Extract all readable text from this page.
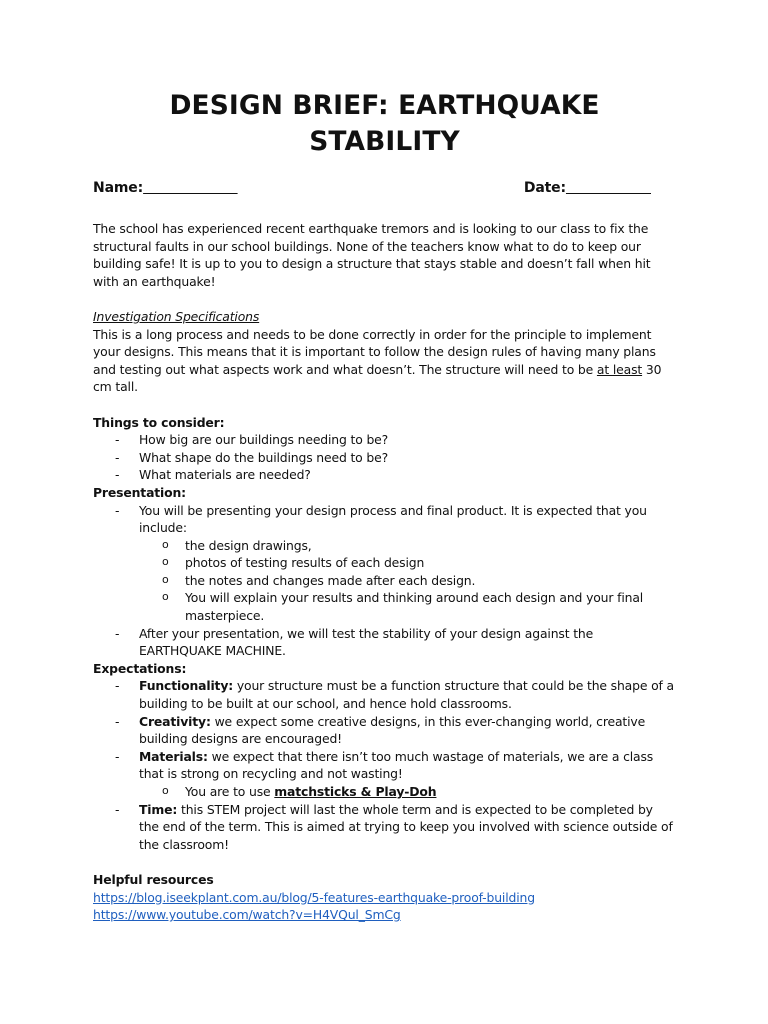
DESIGN BRIEF: EARTHQUAKE STABILITY
Name:	Date:

The school has experienced recent earthquake tremors and is looking to our class to fix the structural faults in our school buildings. None of the teachers know what to do to keep our building safe! It is up to you to design a structure that stays stable and doesn’t fall when hit with an earthquake!

Investigation Specifications

This is a long process and needs to be done correctly in order for the principle to implement your designs. This means that it is important to follow the design rules of having many plans and testing out what aspects work and what doesn’t. The structure will need to be at least 30 cm tall.

Things to consider:

- How big are our buildings needing to be?
- What shape do the buildings need to be?
- What materials are needed?

Presentation:

- You will be presenting your design process and final product. It is expected that you include:
o the design drawings,
o photos of testing results of each design
o the notes and changes made after each design.
o You will explain your results and thinking around each design and your final masterpiece.
- After your presentation, we will test the stability of your design against the EARTHQUAKE MACHINE.

Expectations:

- Functionality: your structure must be a function structure that could be the shape of a building to be built at our school, and hence hold classrooms.
- Creativity: we expect some creative designs, in this ever-changing world, creative building designs are encouraged!
- Materials: we expect that there isn’t too much wastage of materials, we are a class that is strong on recycling and not wasting!
o You are to use matchsticks & Play-Doh
- Time: this STEM project will last the whole term and is expected to be completed by the end of the term. This is aimed at trying to keep you involved with science outside of the classroom!

Helpful resources

https://blog.iseekplant.com.au/blog/5-features-earthquake-proof-building
https://www.youtube.com/watch?v=H4VQul_SmCg
